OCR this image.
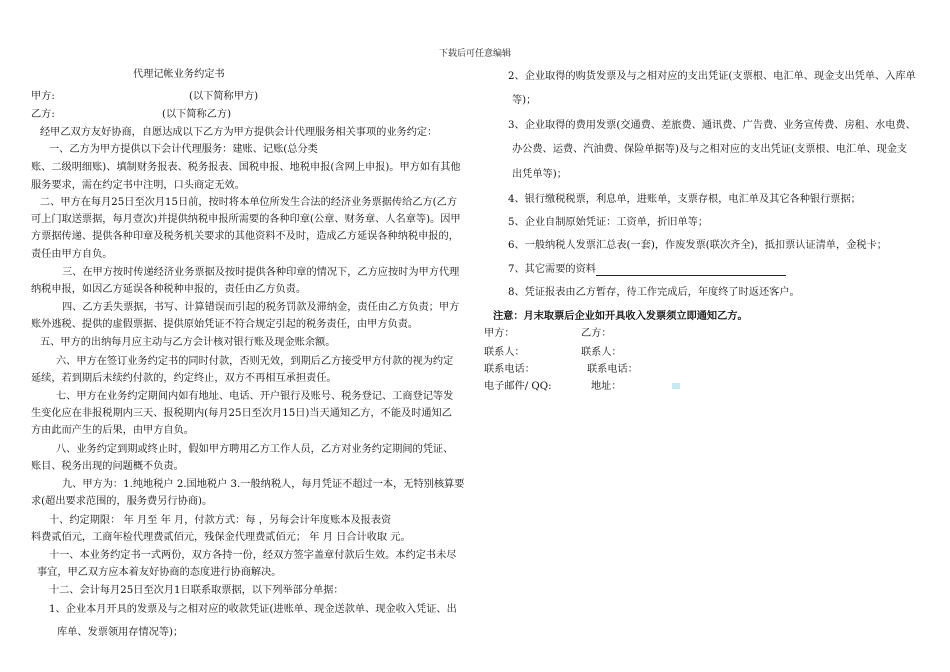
下载后可任意编辑
代理记帐业务约定书
甲方:	(以下简称甲方)
乙方:	(以下简称乙方)
经甲乙双方友好协商，自愿达成以下乙方为甲方提供会计代理服务相关事项的业务约定：
一、乙方为甲方提供以下会计代理服务：建账、记账(总分类
账、二级明细账)、填制财务报表、税务报表、国税申报、地税申报(含网上申报)。甲方如有其他
服务要求，需在约定书中注明，口头商定无效。
二、甲方在每月25日至次月15日前，按时将本单位所发生合法的经济业务票据传给乙方(乙方
可上门取送票据，每月壹次)并提供纳税申报所需要的各种印章(公章、财务章、人名章等)。因甲
方票据传递、提供各种印章及税务机关要求的其他资料不及时，造成乙方延误各种纳税申报的，
责任由甲方自负。
三、在甲方按时传递经济业务票据及按时提供各种印章的情况下，乙方应按时为甲方代理
纳税申报，如因乙方延误各种税种申报的，责任由乙方负责。
四、乙方丢失票据，书写、计算错误而引起的税务罚款及滞纳金，责任由乙方负责；甲方
账外逃税、提供的虚假票据、提供原始凭证不符合规定引起的税务责任，由甲方负责。
五、甲方的出纳每月应主动与乙方会计核对银行账及现金账余额。
六、甲方在签订业务约定书的同时付款，否则无效，到期后乙方接受甲方付款的视为约定
延续，若到期后未续约付款的，约定终止，双方不再相互承担责任。
七、甲方在业务约定期间内如有地址、电话、开户银行及账号、税务登记、工商登记等发
生变化应在非报税期内三天、报税期内(每月25日至次月15日)当天通知乙方，不能及时通知乙
方由此而产生的后果，由甲方自负。
八、业务约定到期或终止时，假如甲方聘用乙方工作人员，乙方对业务约定期间的凭证、
账目、税务出现的问题概不负责。
九、甲方为：1.纯地税户 2.国地税户 3.一般纳税人，每月凭证不超过一本，无特别核算要
求(超出要求范围的，服务费另行协商)。
十、约定期限： 年 月至 年 月，付款方式：每 ，另每会计年度账本及报表资
料费贰佰元，工商年检代理费贰佰元，残保金代理费贰佰元； 年 月 日合计收取 元。
十一、本业务约定书一式两份，双方各持一份，经双方签字盖章付款后生效。本约定书未尽
事宜，甲乙双方应本着友好协商的态度进行协商解决。
十二、会计每月25日至次月1日联系取票据，以下列举部分单据：
1、企业本月开具的发票及与之相对应的收款凭证(进账单、现金送款单、现金收入凭证、出
库单、发票领用存情况等)；
2、企业取得的购货发票及与之相对应的支出凭证(支票根、电汇单、现金支出凭单、入库单
等)；
3、企业取得的费用发票(交通费、差旅费、通讯费、广告费、业务宣传费、房租、水电费、
办公费、运费、汽油费、保险单据等)及与之相对应的支出凭证(支票根、电汇单、现金支
出凭单等)；
4、银行缴税税票，利息单，进账单，支票存根，电汇单及其它各种银行票据；
5、企业自制原始凭证：工资单，折旧单等；
6、一般纳税人发票汇总表(一套)，作废发票(联次齐全)，抵扣票认证清单，金税卡；
7、其它需要的资料
8、凭证报表由乙方暂存，待工作完成后，年度终了时返还客户。
注意：月末取票后企业如开具收入发票须立即通知乙方。
甲方：	乙方：
联系人：	联系人：
联系电话：	联系电话：
电子邮件/ QQ:	地址：
